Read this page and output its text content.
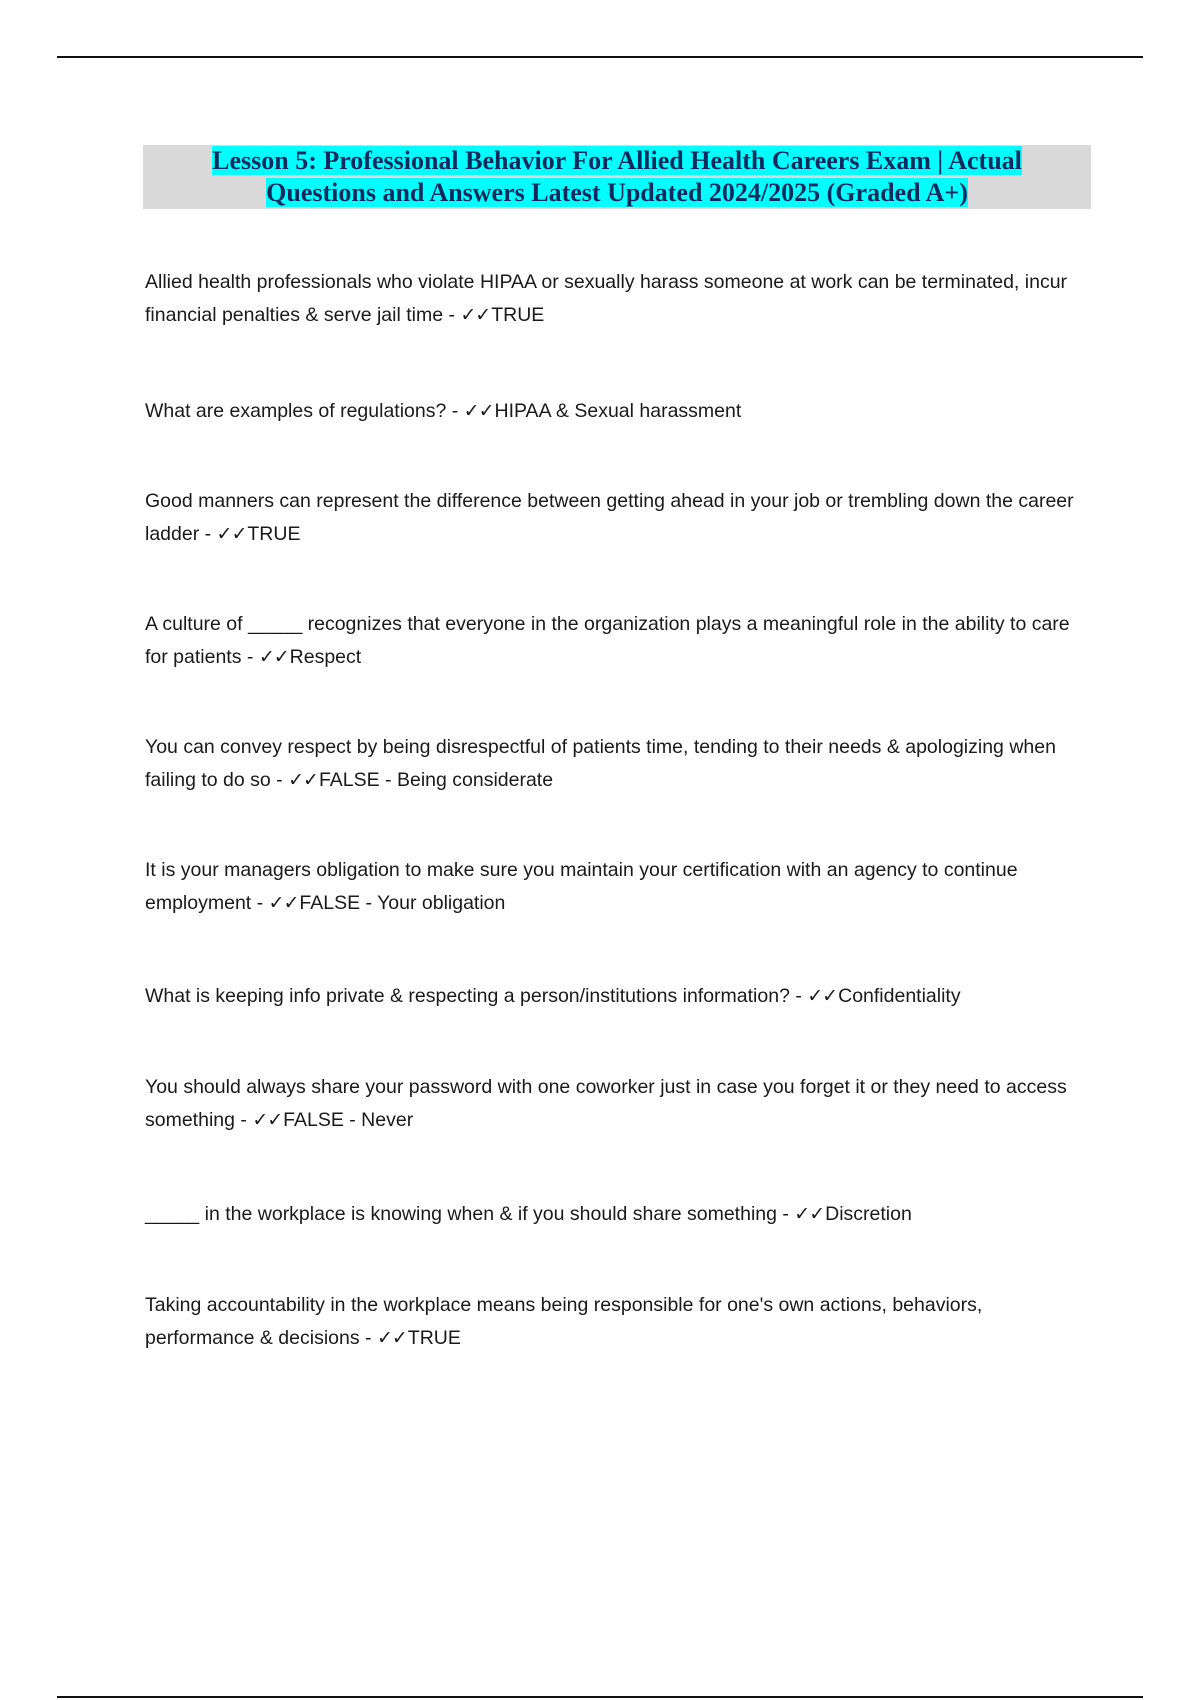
Lesson 5: Professional Behavior For Allied Health Careers Exam | Actual Questions and Answers Latest Updated 2024/2025 (Graded A+)
Allied health professionals who violate HIPAA or sexually harass someone at work can be terminated, incur financial penalties & serve jail time - ✓✓TRUE
What are examples of regulations? - ✓✓HIPAA & Sexual harassment
Good manners can represent the difference between getting ahead in your job or trembling down the career ladder - ✓✓TRUE
A culture of _____ recognizes that everyone in the organization plays a meaningful role in the ability to care for patients - ✓✓Respect
You can convey respect by being disrespectful of patients time, tending to their needs & apologizing when failing to do so - ✓✓FALSE - Being considerate
It is your managers obligation to make sure you maintain your certification with an agency to continue employment - ✓✓FALSE - Your obligation
What is keeping info private & respecting a person/institutions information? - ✓✓Confidentiality
You should always share your password with one coworker just in case you forget it or they need to access something - ✓✓FALSE - Never
_____ in the workplace is knowing when & if you should share something - ✓✓Discretion
Taking accountability in the workplace means being responsible for one's own actions, behaviors, performance & decisions - ✓✓TRUE
